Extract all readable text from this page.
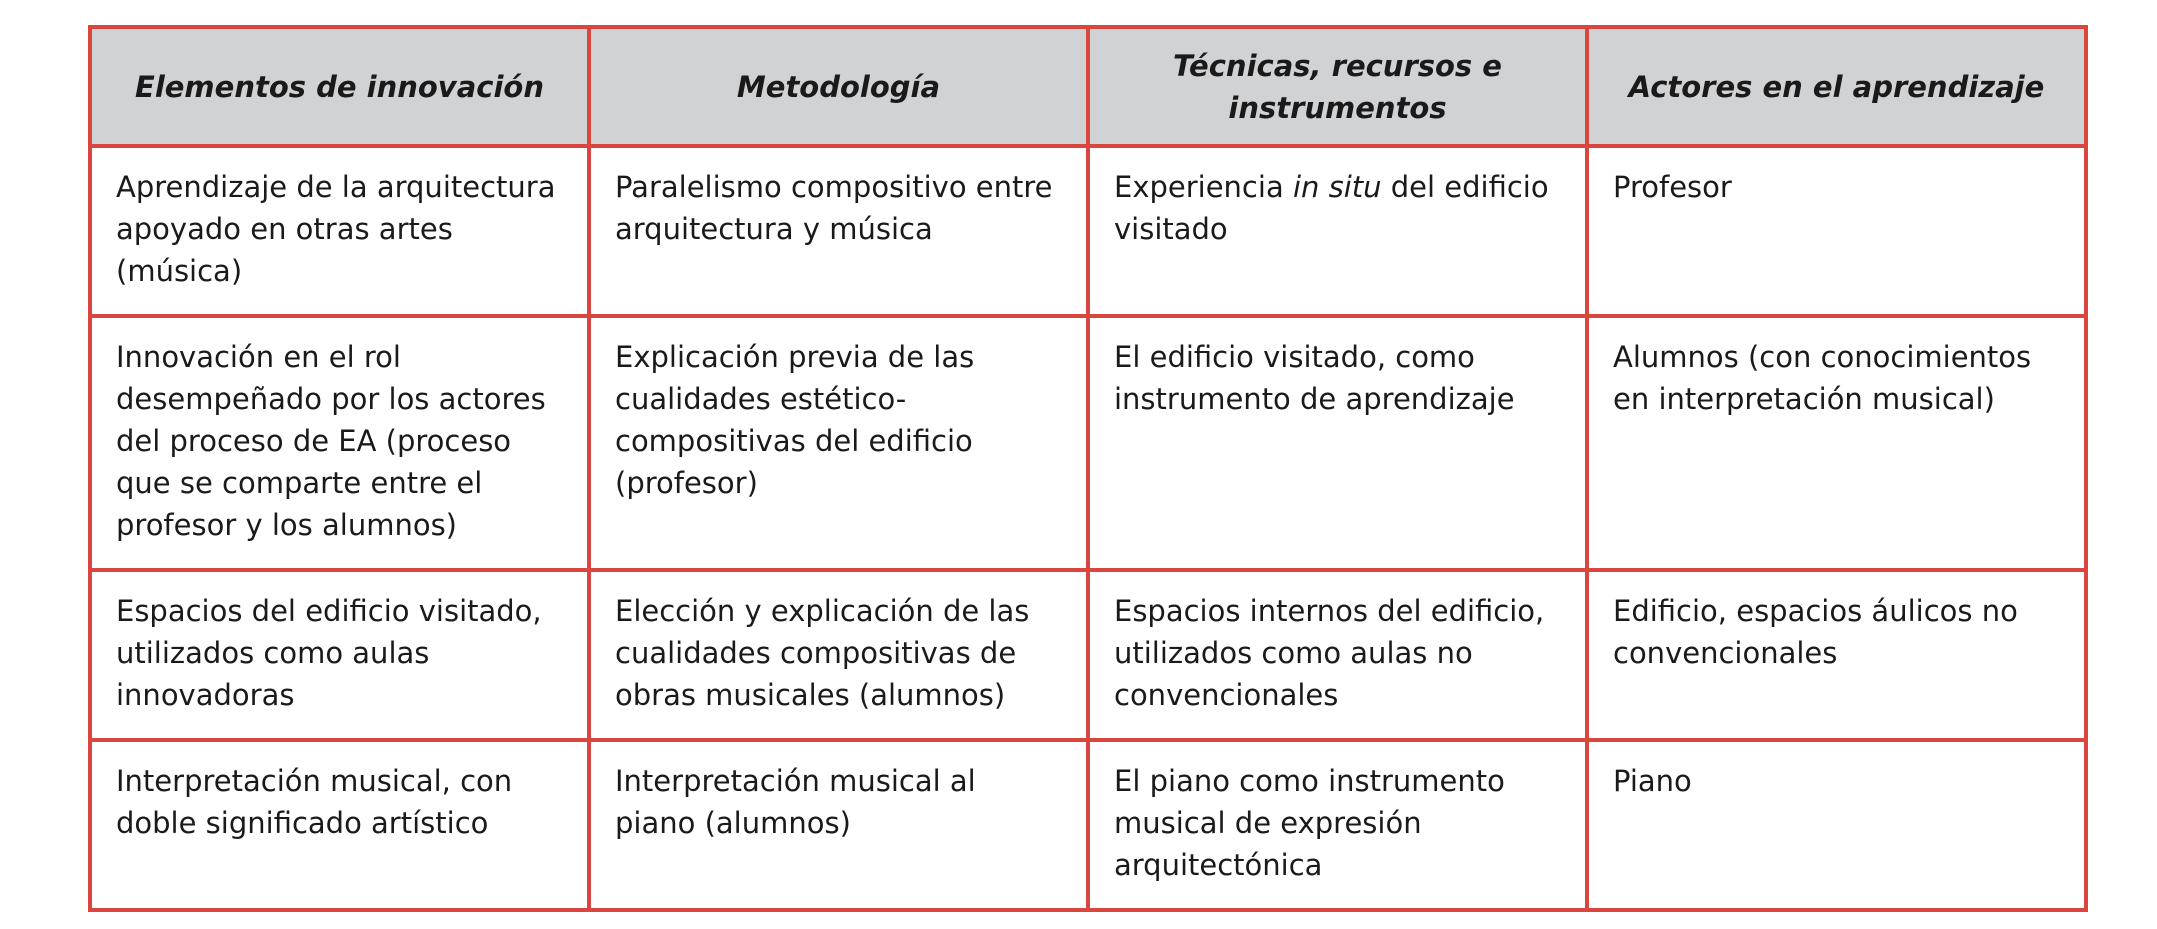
Elementos de innovación	Metodología	Técnicas, recursos e instrumentos	Actores en el aprendizaje
Aprendizaje de la arquitectura apoyado en otras artes (música)	Paralelismo compositivo entre arquitectura y música	Experiencia in situ del edificio visitado	Profesor
Innovación en el rol desempeñado por los actores del proceso de EA (proceso que se comparte entre el profesor y los alumnos)	Explicación previa de las cualidades estético-compositivas del edificio (profesor)	El edificio visitado, como instrumento de aprendizaje	Alumnos (con conocimientos en interpretación musical)
Espacios del edificio visitado, utilizados como aulas innovadoras	Elección y explicación de las cualidades compositivas de obras musicales (alumnos)	Espacios internos del edificio, utilizados como aulas no convencionales	Edificio, espacios áulicos no convencionales
Interpretación musical, con doble significado artístico	Interpretación musical al piano (alumnos)	El piano como instrumento musical de expresión arquitectónica	Piano
